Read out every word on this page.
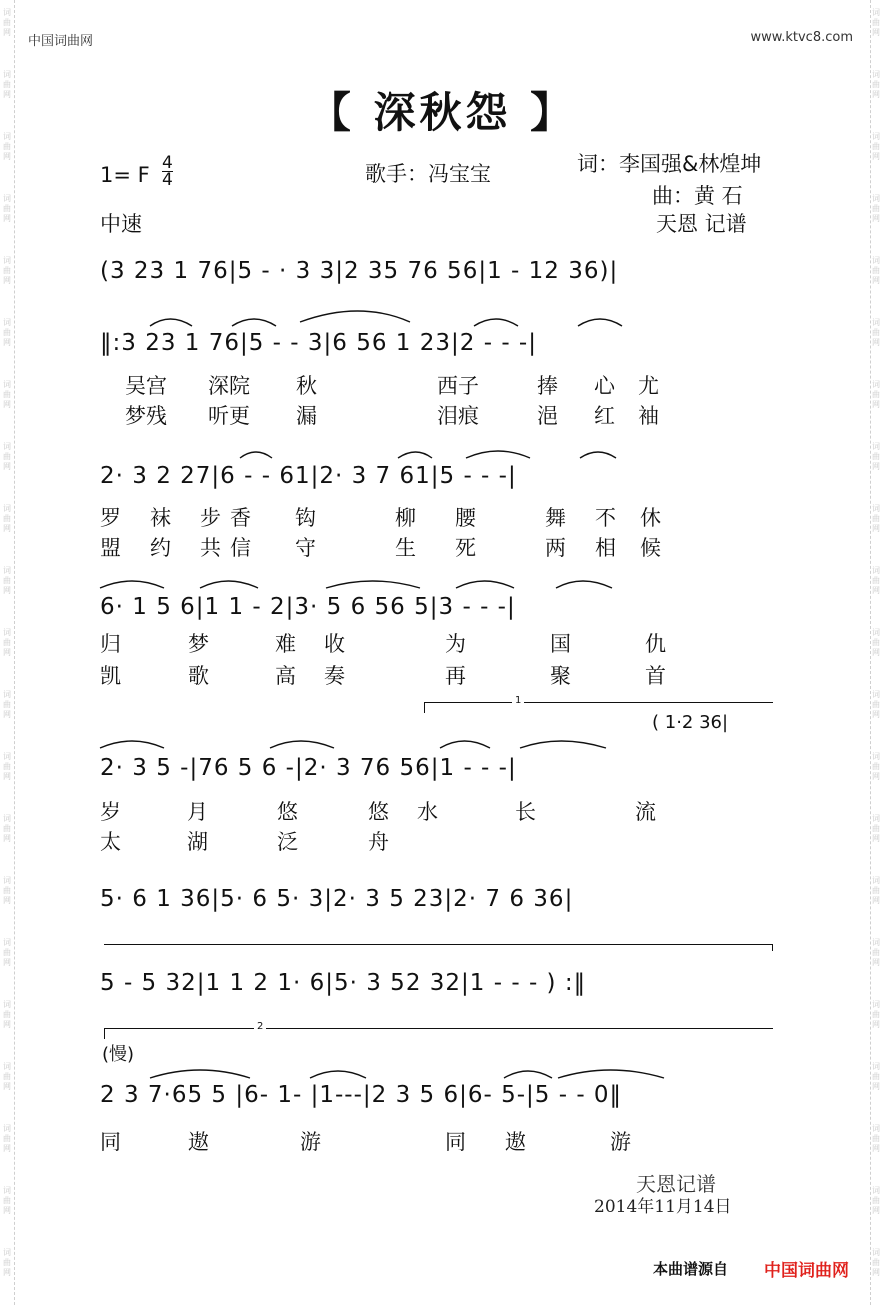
词曲网
词曲网
词曲网
词曲网
词曲网
词曲网
词曲网
词曲网
词曲网
词曲网
词曲网
词曲网
词曲网
词曲网
词曲网
词曲网
词曲网
词曲网
词曲网
词曲网
词曲网
词曲网
词曲网
词曲网
词曲网
词曲网
词曲网
词曲网
词曲网
词曲网
词曲网
词曲网
词曲网
词曲网
词曲网
词曲网
词曲网
词曲网
词曲网
词曲网
词曲网
词曲网
中国词曲网	www.ktvc8.com
【 深秋怨 】
1= F 4
4	歌手：冯宝宝	词：李国强&林煌坤
曲：黄 石
中速	天恩 记谱
(3 23 1 76|5 - · 3 3|2 35 76 56|1 - 12 36)|
‖:3 23 1 76|5 - - 3|6 56 1 23|2 - - -|
吴宫 深院 秋	西子	捧 心 尤
梦残 听更 漏	泪痕	浥 红 袖
2· 3 2 27|6 - - 61|2· 3 7 61|5 - - -|
罗 袜 步 香 钩	柳 腰	舞 不 休
盟 约 共 信 守	生 死	两 相 候
6· 1 5 6|1 1 - 2|3· 5 6 56 5|3 - - -|
归	梦	难 收	为	国	仇
凯	歌	高 奏	再	聚	首
1
( 1·2 36|
2· 3 5 -|76 5 6 -|2· 3 76 56|1 - - -|
岁	月	悠	悠 水	长	流
太	湖	泛	舟
5· 6 1 36|5· 6 5· 3|2· 3 5 23|2· 7 6 36|
5 - 5 32|1 1 2 1· 6|5· 3 52 32|1 - - - ) :‖
2
(慢)
2 3 7·65 5 |6- 1- |1---|2 3 5 6|6- 5-|5 - - 0‖
同	遨	游	同 遨	游
天恩记谱
2014年11月14日
本曲谱源自 中国词曲网
